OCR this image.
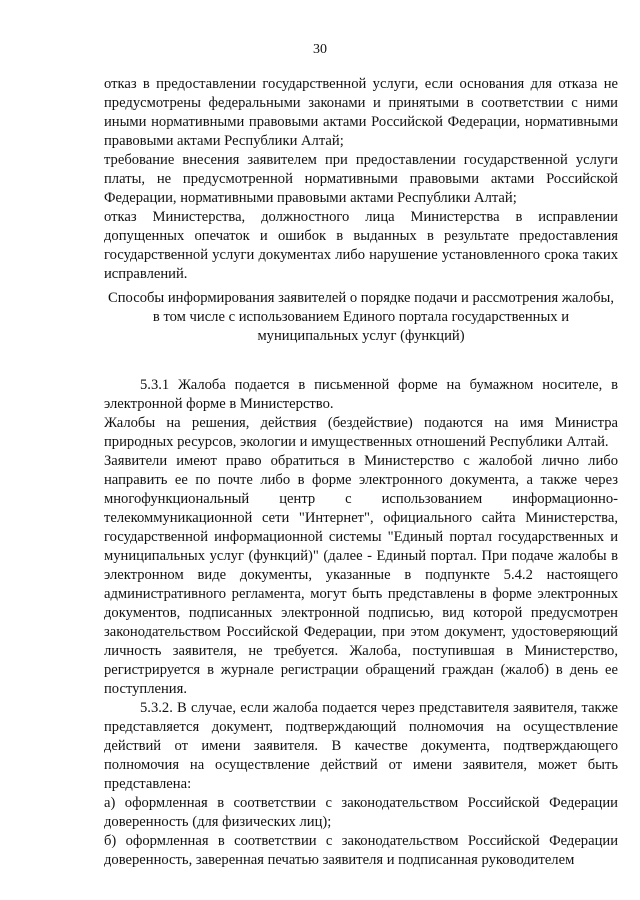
30

отказ в предоставлении государственной услуги, если основания для отказа не предусмотрены федеральными законами и принятыми в соответствии с ними иными нормативными правовыми актами Российской Федерации, нормативными правовыми актами Республики Алтай;

требование внесения заявителем при предоставлении государственной услуги платы, не предусмотренной нормативными правовыми актами Российской Федерации, нормативными правовыми актами Республики Алтай;

отказ Министерства, должностного лица Министерства в исправлении допущенных опечаток и ошибок в выданных в результате предоставления государственной услуги документах либо нарушение установленного срока таких исправлений.

Способы информирования заявителей о порядке подачи и рассмотрения жалобы, в том числе с использованием Единого портала государственных и муниципальных услуг (функций)

5.3.1 Жалоба подается в письменной форме на бумажном носителе, в электронной форме в Министерство.

Жалобы на решения, действия (бездействие) подаются на имя Министра природных ресурсов, экологии и имущественных отношений Республики Алтай.

Заявители имеют право обратиться в Министерство с жалобой лично либо направить ее по почте либо в форме электронного документа, а также через многофункциональный центр с использованием информационно-телекоммуникационной сети "Интернет", официального сайта Министерства, государственной информационной системы "Единый портал государственных и муниципальных услуг (функций)" (далее - Единый портал. При подаче жалобы в электронном виде документы, указанные в подпункте 5.4.2 настоящего административного регламента, могут быть представлены в форме электронных документов, подписанных электронной подписью, вид которой предусмотрен законодательством Российской Федерации, при этом документ, удостоверяющий личность заявителя, не требуется. Жалоба, поступившая в Министерство, регистрируется в журнале регистрации обращений граждан (жалоб) в день ее поступления.

5.3.2. В случае, если жалоба подается через представителя заявителя, также представляется документ, подтверждающий полномочия на осуществление действий от имени заявителя. В качестве документа, подтверждающего полномочия на осуществление действий от имени заявителя, может быть представлена:

а) оформленная в соответствии с законодательством Российской Федерации доверенность (для физических лиц);

б) оформленная в соответствии с законодательством Российской Федерации доверенность, заверенная печатью заявителя и подписанная руководителем
